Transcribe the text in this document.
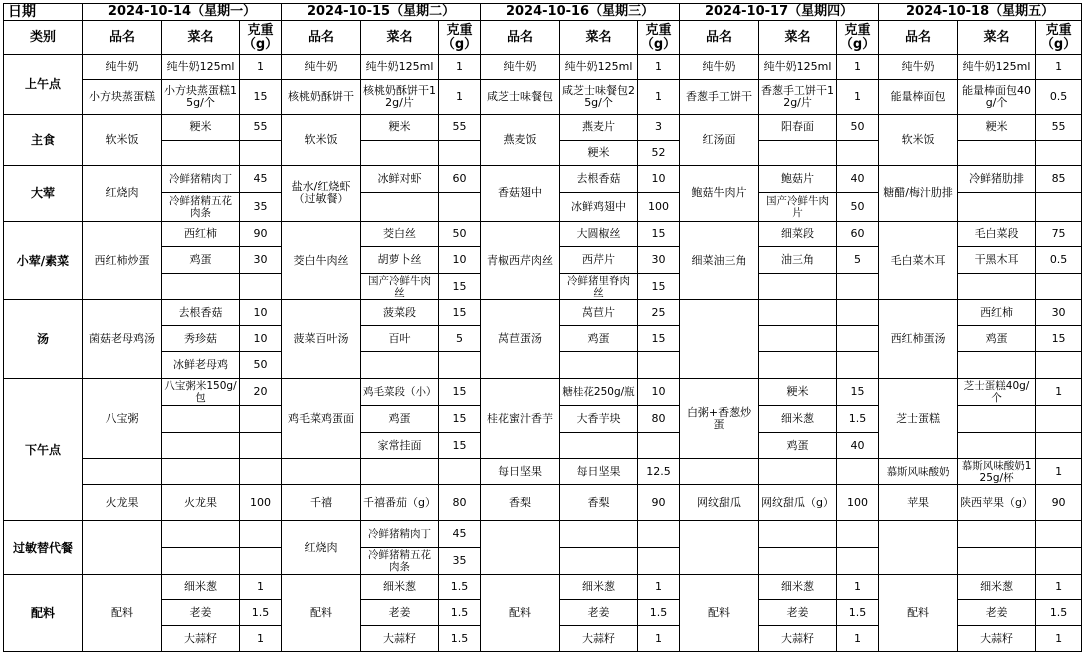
日期	2024-10-14（星期一）			2024-10-15（星期二）			2024-10-16（星期三）			2024-10-17（星期四）			2024-10-18（星期五）		
类别	品名	菜名	克重（g）	品名	菜名	克重（g）	品名	菜名	克重（g）	品名	菜名	克重（g）	品名	菜名	克重（g）
上午点	纯牛奶	纯牛奶125ml	1	纯牛奶	纯牛奶125ml	1	纯牛奶	纯牛奶125ml	1	纯牛奶	纯牛奶125ml	1	纯牛奶	纯牛奶125ml	1
	小方块蒸蛋糕	小方块蒸蛋糕15g/个	15	核桃奶酥饼干	核桃奶酥饼干12g/片	1	咸芝士味餐包	咸芝士味餐包25g/个	1	香葱手工饼干	香葱手工饼干12g/片	1	能量棒面包	能量棒面包40g/个	0.5
主食	软米饭	粳米	55	软米饭	粳米	55	燕麦饭	燕麦片	3	红汤面	阳春面	50	软米饭	粳米	55
								粳米	52						
大荤	红烧肉	冷鲜猪精肉丁	45	盐水/红烧虾（过敏餐）	冰鲜对虾	60	香菇翅中	去根香菇	10	鲍菇牛肉片	鲍菇片	40	糖醋/梅汁肋排	冷鲜猪肋排	85
		冷鲜猪精五花肉条	35					冰鲜鸡翅中	100		国产冷鲜牛肉片	50			
小荤/素菜	西红柿炒蛋	西红柿	90	茭白牛肉丝	茭白丝	50	青椒西芹肉丝	大圆椒丝	15	细菜油三角	细菜段	60	毛白菜木耳	毛白菜段	75
		鸡蛋	30		胡萝卜丝	10		西芹片	30		油三角	5		干黑木耳	0.5
					国产冷鲜牛肉丝	15		冷鲜猪里脊肉丝	15						
汤	菌菇老母鸡汤	去根香菇	10	菠菜百叶汤	菠菜段	15	莴苣蛋汤	莴苣片	25				西红柿蛋汤	西红柿	30
		秀珍菇	10		百叶	5		鸡蛋	15					鸡蛋	15
		冰鲜老母鸡	50												
下午点	八宝粥	八宝粥米150g/包	20	鸡毛菜鸡蛋面	鸡毛菜段（小）	15	桂花蜜汁香芋	糖桂花250g/瓶	10	白粥+香葱炒蛋	粳米	15	芝士蛋糕	芝士蛋糕40g/个	1
					鸡蛋	15		大香芋块	80		细米葱	1.5			
					家常挂面	15					鸡蛋	40			
							每日坚果	每日坚果	12.5				慕斯风味酸奶	慕斯风味酸奶125g/杯	1
	火龙果	火龙果	100	千禧	千禧番茄（g）	80	香梨	香梨	90	网纹甜瓜	网纹甜瓜（g）	100	苹果	陕西苹果（g）	90
过敏替代餐				红烧肉	冷鲜猪精肉丁	45									
					冷鲜猪精五花肉条	35									
配料	配料	细米葱	1	配料	细米葱	1.5	配料	细米葱	1	配料	细米葱	1	配料	细米葱	1
		老姜	1.5		老姜	1.5		老姜	1.5		老姜	1.5		老姜	1.5
		大蒜籽	1		大蒜籽	1.5		大蒜籽	1		大蒜籽	1		大蒜籽	1
